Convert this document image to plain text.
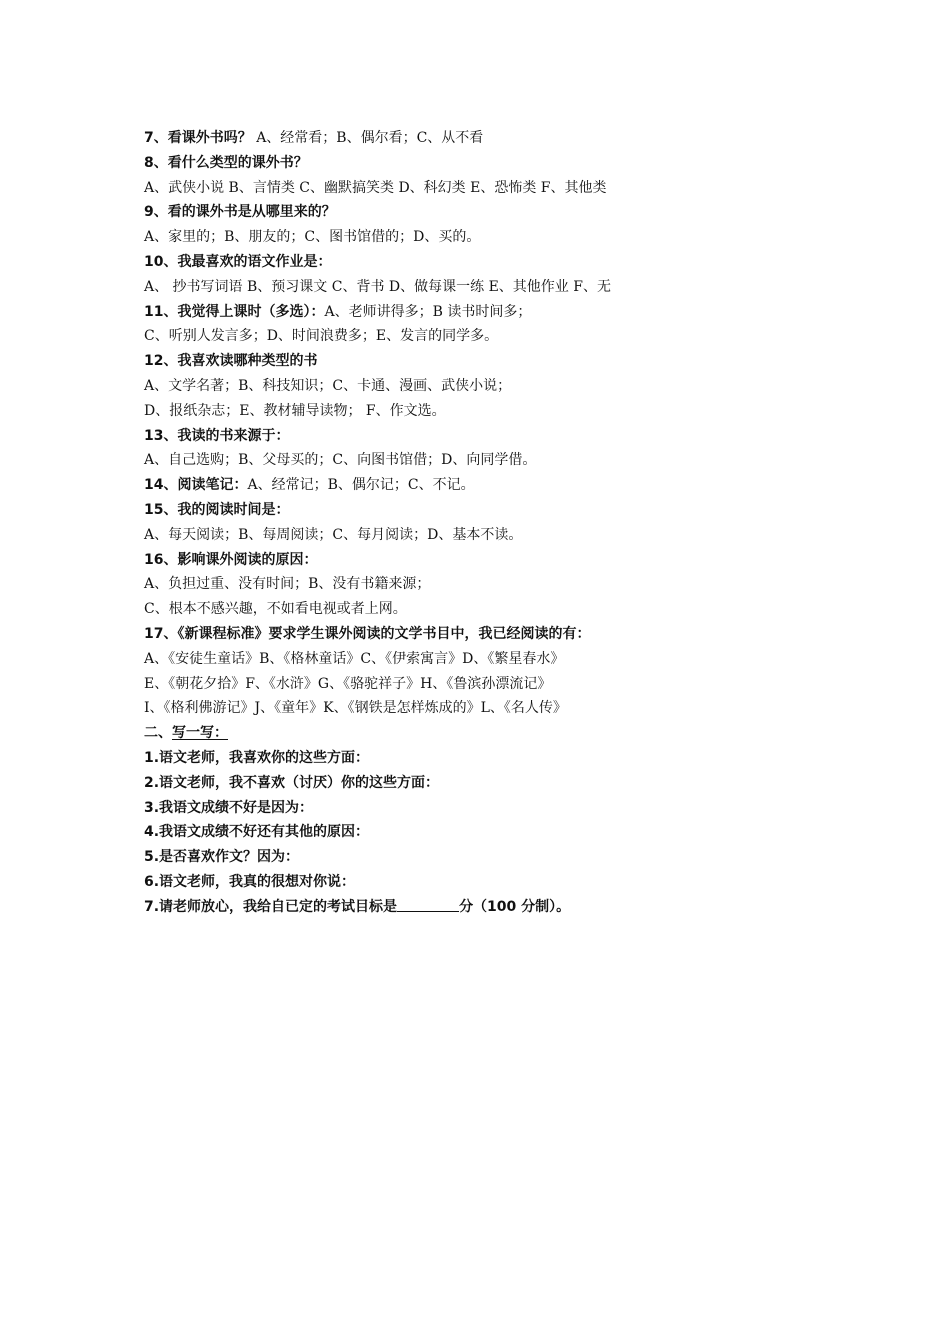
7、看课外书吗？ A、经常看；B、偶尔看；C、从不看
8、看什么类型的课外书？
A、武侠小说 B、言情类 C、幽默搞笑类 D、科幻类 E、恐怖类 F、其他类
9、看的课外书是从哪里来的？
A、家里的；B、朋友的；C、图书馆借的；D、买的。
10、我最喜欢的语文作业是：
A、 抄书写词语 B、预习课文 C、背书 D、做每课一练 E、其他作业 F、无
11、我觉得上课时（多选）：A、老师讲得多；B 读书时间多；
C、听别人发言多；D、时间浪费多；E、发言的同学多。
12、我喜欢读哪种类型的书
A、文学名著；B、科技知识；C、卡通、漫画、武侠小说；
D、报纸杂志；E、教材辅导读物； F、作文选。
13、我读的书来源于：
A、自己选购；B、父母买的；C、向图书馆借；D、向同学借。
14、阅读笔记：A、经常记；B、偶尔记；C、不记。
15、我的阅读时间是：
A、每天阅读；B、每周阅读；C、每月阅读；D、基本不读。
16、影响课外阅读的原因：
A、负担过重、没有时间；B、没有书籍来源；
C、根本不感兴趣，不如看电视或者上网。
17、《新课程标准》要求学生课外阅读的文学书目中，我已经阅读的有：
A、《安徒生童话》B、《格林童话》C、《伊索寓言》D、《繁星春水》
E、《朝花夕拾》F、《水浒》G、《骆驼祥子》H、《鲁滨孙漂流记》
I、《格利佛游记》J、《童年》K、《钢铁是怎样炼成的》L、《名人传》
二、写一写：
1.语文老师，我喜欢你的这些方面：
2.语文老师，我不喜欢（讨厌）你的这些方面：
3.我语文成绩不好是因为：
4.我语文成绩不好还有其他的原因：
5.是否喜欢作文？因为：
6.语文老师，我真的很想对你说：
7.请老师放心，我给自已定的考试目标是	分（100 分制）。
